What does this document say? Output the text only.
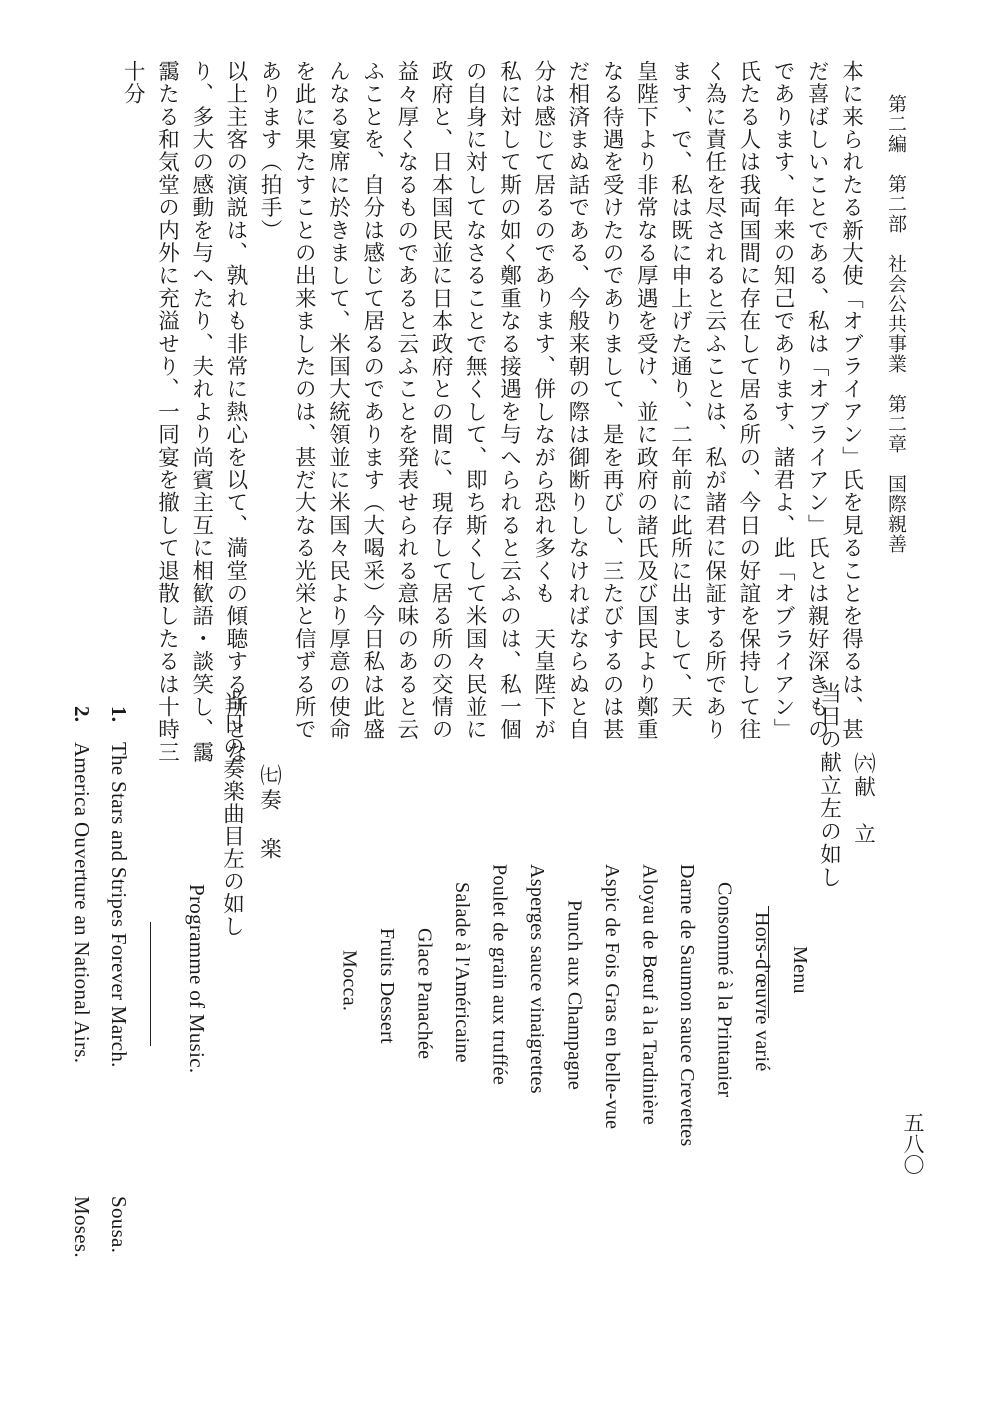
第二編　第二部　社会公共事業　第二章　国際親善
五八〇
本に来られたる新大使「オブライアン」氏を見ることを得るは、甚
だ喜ばしいことである、私は「オブライアン」氏とは親好深きもの
であります、年来の知己であります、諸君よ、此「オブライアン」
氏たる人は我両国間に存在して居る所の、今日の好誼を保持して往
く為に責任を尽されると云ふことは、私が諸君に保証する所であり
ます、で、私は既に申上げた通り、二年前に此所に出まして、天
皇陛下より非常なる厚遇を受け、並に政府の諸氏及び国民より鄭重
なる待遇を受けたのでありまして、是を再びし、三たびするのは甚
だ相済まぬ話である、今般来朝の際は御断りしなければならぬと自
分は感じて居るのであります、併しながら恐れ多くも　天皇陛下が
私に対して斯の如く鄭重なる接遇を与へられると云ふのは、私一個
の自身に対してなさることで無くして、即ち斯くして米国々民並に
政府と、日本国民並に日本政府との間に、現存して居る所の交情の
益々厚くなるものであると云ふことを発表せられる意味のあると云
ふことを、自分は感じて居るのであります（大喝采）今日私は此盛
んなる宴席に於きまして、米国大統領並に米国々民より厚意の使命
を此に果たすことの出来ましたのは、甚だ大なる光栄と信ずる所で
あります（拍手）
以上主客の演説は、孰れも非常に熱心を以て、満堂の傾聴する所とな
り、多大の感動を与へたり、夫れより尚賓主互に相歓語・談笑し、靄
靄たる和気堂の内外に充溢せり、一同宴を撤して退散したるは十時三
十分
㈥献　立
当日の献立左の如し
Menu
Hors-d'œuvre varié
Consommé à la Printanier
Darne de Saumon sauce Crevettes
Aloyau de Bœuf à la Tardinière
Aspic de Fois Gras en belle-vue
Punch aux Champagne
Asperges sauce vinaigrettes
Poulet de grain aux truffée
Salade à l'Américaine
Glace Panachée
Fruits Dessert
Mocca.
㈦奏　楽
当日の奏楽曲目左の如し
Programme of Music.
1.
The Stars and Stripes Forever March.
Sousa.
2.
America Ouverture an National Airs.
Moses.
